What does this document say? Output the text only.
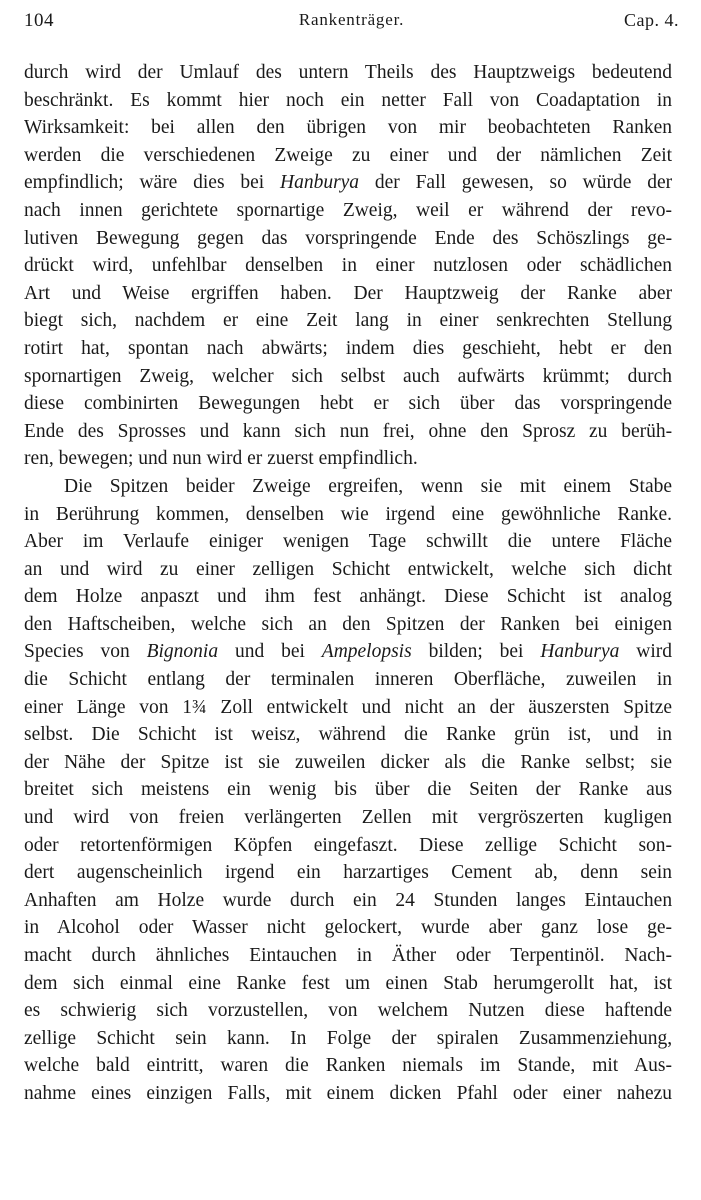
104	Rankenträger.	Cap. 4.
durch wird der Umlauf des untern Theils des Hauptzweigs bedeutend
beschränkt. Es kommt hier noch ein netter Fall von Coadaptation in
Wirksamkeit: bei allen den übrigen von mir beobachteten Ranken
werden die verschiedenen Zweige zu einer und der nämlichen Zeit
empfindlich; wäre dies bei Hanburya der Fall gewesen, so würde der
nach innen gerichtete spornartige Zweig, weil er während der revo-
lutiven Bewegung gegen das vorspringende Ende des Schöszlings ge-
drückt wird, unfehlbar denselben in einer nutzlosen oder schädlichen
Art und Weise ergriffen haben. Der Hauptzweig der Ranke aber
biegt sich, nachdem er eine Zeit lang in einer senkrechten Stellung
rotirt hat, spontan nach abwärts; indem dies geschieht, hebt er den
spornartigen Zweig, welcher sich selbst auch aufwärts krümmt; durch
diese combinirten Bewegungen hebt er sich über das vorspringende
Ende des Sprosses und kann sich nun frei, ohne den Sprosz zu berüh-
ren, bewegen; und nun wird er zuerst empfindlich.
Die Spitzen beider Zweige ergreifen, wenn sie mit einem Stabe
in Berührung kommen, denselben wie irgend eine gewöhnliche Ranke.
Aber im Verlaufe einiger wenigen Tage schwillt die untere Fläche
an und wird zu einer zelligen Schicht entwickelt, welche sich dicht
dem Holze anpaszt und ihm fest anhängt. Diese Schicht ist analog
den Haftscheiben, welche sich an den Spitzen der Ranken bei einigen
Species von Bignonia und bei Ampelopsis bilden; bei Hanburya wird
die Schicht entlang der terminalen inneren Oberfläche, zuweilen in
einer Länge von 1¾ Zoll entwickelt und nicht an der äuszersten Spitze
selbst. Die Schicht ist weisz, während die Ranke grün ist, und in
der Nähe der Spitze ist sie zuweilen dicker als die Ranke selbst; sie
breitet sich meistens ein wenig bis über die Seiten der Ranke aus
und wird von freien verlängerten Zellen mit vergröszerten kugligen
oder retortenförmigen Köpfen eingefaszt. Diese zellige Schicht son-
dert augenscheinlich irgend ein harzartiges Cement ab, denn sein
Anhaften am Holze wurde durch ein 24 Stunden langes Eintauchen
in Alcohol oder Wasser nicht gelockert, wurde aber ganz lose ge-
macht durch ähnliches Eintauchen in Äther oder Terpentinöl. Nach-
dem sich einmal eine Ranke fest um einen Stab herumgerollt hat, ist
es schwierig sich vorzustellen, von welchem Nutzen diese haftende
zellige Schicht sein kann. In Folge der spiralen Zusammenziehung,
welche bald eintritt, waren die Ranken niemals im Stande, mit Aus-
nahme eines einzigen Falls, mit einem dicken Pfahl oder einer nahezu
